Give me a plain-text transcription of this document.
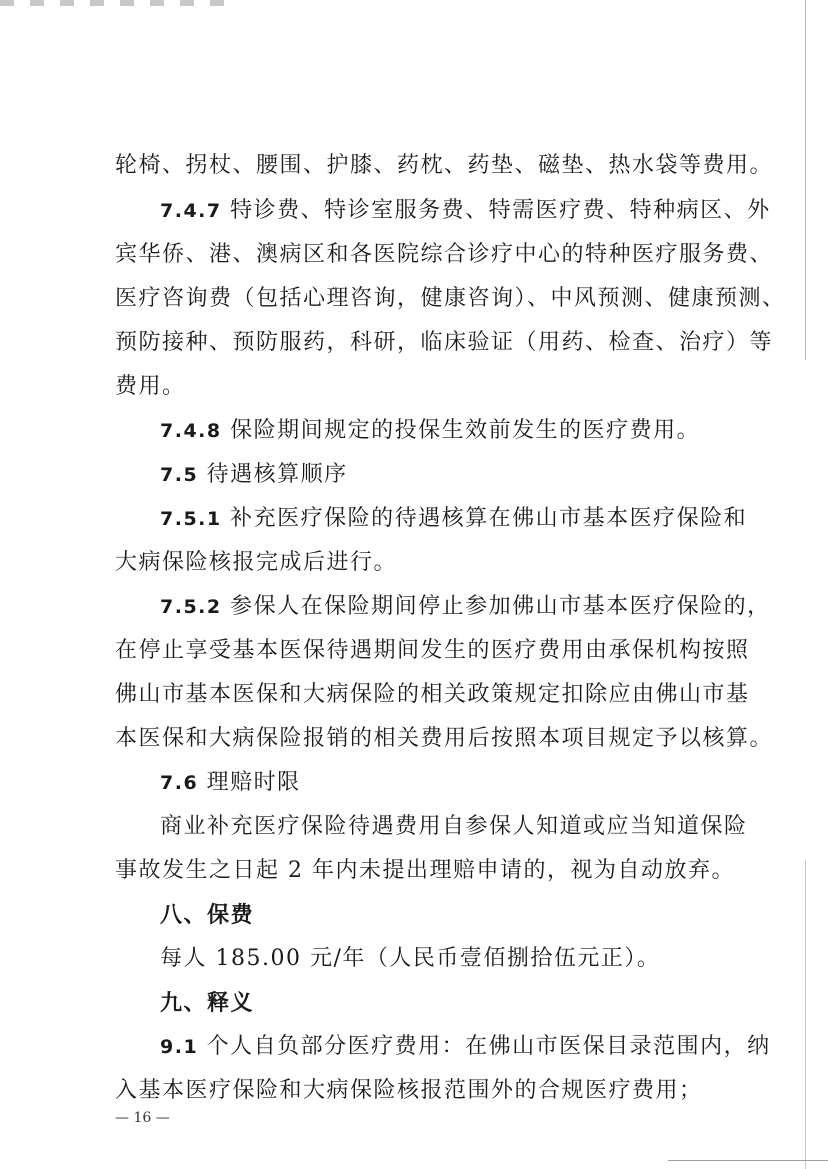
轮椅、拐杖、腰围、护膝、药枕、药垫、磁垫、热水袋等费用。
7.4.7 特诊费、特诊室服务费、特需医疗费、特种病区、外
宾华侨、港、澳病区和各医院综合诊疗中心的特种医疗服务费、
医疗咨询费（包括心理咨询，健康咨询）、中风预测、健康预测、
预防接种、预防服药，科研，临床验证（用药、检查、治疗）等
费用。
7.4.8 保险期间规定的投保生效前发生的医疗费用。
7.5 待遇核算顺序
7.5.1 补充医疗保险的待遇核算在佛山市基本医疗保险和
大病保险核报完成后进行。
7.5.2 参保人在保险期间停止参加佛山市基本医疗保险的，
在停止享受基本医保待遇期间发生的医疗费用由承保机构按照
佛山市基本医保和大病保险的相关政策规定扣除应由佛山市基
本医保和大病保险报销的相关费用后按照本项目规定予以核算。
7.6 理赔时限
商业补充医疗保险待遇费用自参保人知道或应当知道保险
事故发生之日起 2 年内未提出理赔申请的，视为自动放弃。
八、保费
每人 185.00 元/年（人民币壹佰捌拾伍元正）。
九、释义
9.1 个人自负部分医疗费用：在佛山市医保目录范围内，纳
入基本医疗保险和大病保险核报范围外的合规医疗费用；
— 16 —
